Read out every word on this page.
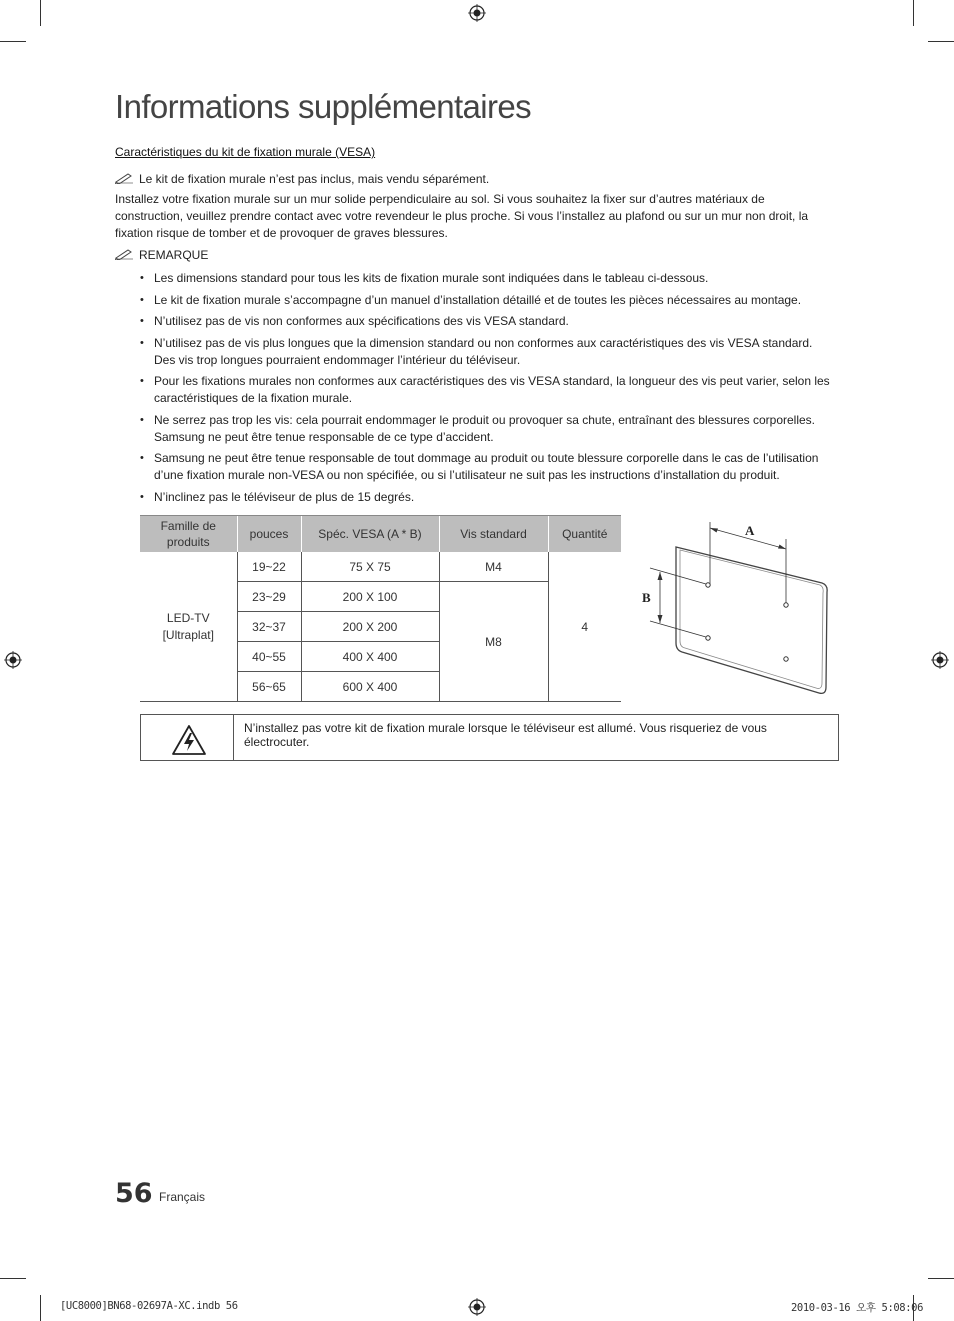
Informations supplémentaires
Caractéristiques du kit de fixation murale (VESA)
Le kit de fixation murale n’est pas inclus, mais vendu séparément.
Installez votre fixation murale sur un mur solide perpendiculaire au sol. Si vous souhaitez la fixer sur d’autres matériaux de construction, veuillez prendre contact avec votre revendeur le plus proche. Si vous l’installez au plafond ou sur un mur non droit, la fixation risque de tomber et de provoquer de graves blessures.
REMARQUE
• Les dimensions standard pour tous les kits de fixation murale sont indiquées dans le tableau ci-dessous.
• Le kit de fixation murale s’accompagne d’un manuel d’installation détaillé et de toutes les pièces nécessaires au montage.
• N’utilisez pas de vis non conformes aux spécifications des vis VESA standard.
• N’utilisez pas de vis plus longues que la dimension standard ou non conformes aux caractéristiques des vis VESA standard. Des vis trop longues pourraient endommager l’intérieur du téléviseur.
• Pour les fixations murales non conformes aux caractéristiques des vis VESA standard, la longueur des vis peut varier, selon les caractéristiques de la fixation murale.
• Ne serrez pas trop les vis: cela pourrait endommager le produit ou provoquer sa chute, entraînant des blessures corporelles. Samsung ne peut être tenue responsable de ce type d’accident.
• Samsung ne peut être tenue responsable de tout dommage au produit ou toute blessure corporelle dans le cas de l’utilisation d’une fixation murale non-VESA ou non spécifiée, ou si l’utilisateur ne suit pas les instructions d’installation du produit.
• N’inclinez pas le téléviseur de plus de 15 degrés.
Famille de produits	pouces	Spéc. VESA (A * B)	Vis standard	Quantité
LED-TV [Ultraplat]	19~22	75 X 75	M4	4
	23~29	200 X 100	M8	
	32~37	200 X 200		
	40~55	400 X 400		
	56~65	600 X 400		
A
B
N’installez pas votre kit de fixation murale lorsque le téléviseur est allumé. Vous risqueriez de vous électrocuter.
56 Français
[UC8000]BN68-02697A-XC.indb 56	2010-03-16 오후 5:08:06
